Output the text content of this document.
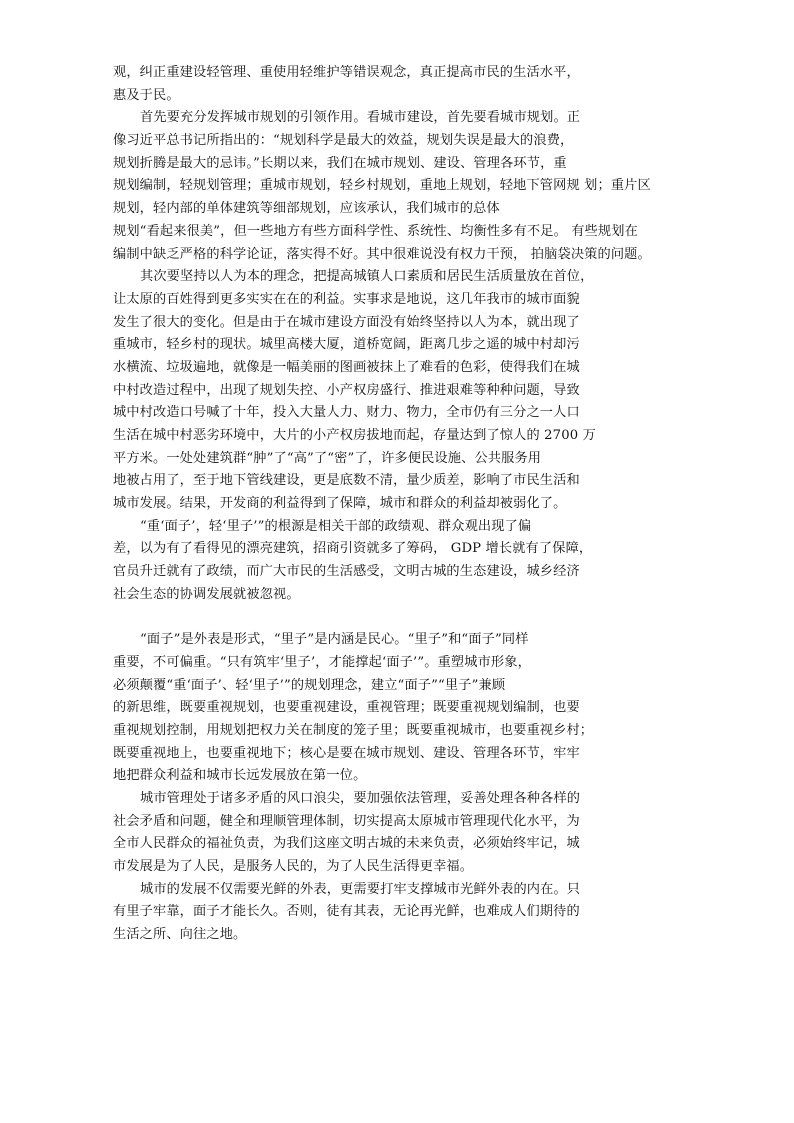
观，纠正重建设轻管理、重使用轻维护等错误观念，真正提高市民的生活水平，
惠及于民。
首先要充分发挥城市规划的引领作用。看城市建设，首先要看城市规划。正
像习近平总书记所指出的：“规划科学是最大的效益，规划失误是最大的浪费，
规划折腾是最大的忌讳。”长期以来，我们在城市规划、建设、管理各环节，重
规划编制，轻规划管理；重城市规划，轻乡村规划，重地上规划，轻地下管网规 划；重片区
规划，轻内部的单体建筑等细部规划，应该承认，我们城市的总体
规划“看起来很美”，但一些地方有些方面科学性、系统性、均衡性多有不足。 有些规划在
编制中缺乏严格的科学论证，落实得不好。其中很难说没有权力干预， 拍脑袋决策的问题。
其次要坚持以人为本的理念，把提高城镇人口素质和居民生活质量放在首位，
让太原的百姓得到更多实实在在的利益。实事求是地说，这几年我市的城市面貌
发生了很大的变化。但是由于在城市建设方面没有始终坚持以人为本，就出现了
重城市，轻乡村的现状。城里高楼大厦，道桥宽阔，距离几步之遥的城中村却污
水横流、垃圾遍地，就像是一幅美丽的图画被抹上了难看的色彩，使得我们在城
中村改造过程中，出现了规划失控、小产权房盛行、推进艰难等种种问题，导致
城中村改造口号喊了十年，投入大量人力、财力、物力，全市仍有三分之一人口
生活在城中村恶劣环境中，大片的小产权房拔地而起，存量达到了惊人的 2700 万
平方米。一处处建筑群“肿”了“高”了“密”了，许多便民设施、公共服务用
地被占用了，至于地下管线建设，更是底数不清，量少质差，影响了市民生活和
城市发展。结果，开发商的利益得到了保障，城市和群众的利益却被弱化了。
“重‘面子’，轻‘里子’”的根源是相关干部的政绩观、群众观出现了偏
差，以为有了看得见的漂亮建筑，招商引资就多了筹码， GDP 增长就有了保障，
官员升迁就有了政绩，而广大市民的生活感受，文明古城的生态建设，城乡经济
社会生态的协调发展就被忽视。
“面子”是外表是形式，“里子”是内涵是民心。“里子”和“面子”同样
重要，不可偏重。“只有筑牢‘里子’，才能撑起‘面子’”。重塑城市形象，
必须颠覆“重‘面子’、轻‘里子’”的规划理念，建立“面子”“里子”兼顾
的新思维，既要重视规划，也要重视建设，重视管理；既要重视规划编制，也要
重视规划控制，用规划把权力关在制度的笼子里；既要重视城市，也要重视乡村；
既要重视地上，也要重视地下；核心是要在城市规划、建设、管理各环节，牢牢
地把群众利益和城市长远发展放在第一位。
城市管理处于诸多矛盾的风口浪尖，要加强依法管理，妥善处理各种各样的
社会矛盾和问题，健全和理顺管理体制，切实提高太原城市管理现代化水平，为
全市人民群众的福祉负责，为我们这座文明古城的未来负责，必须始终牢记，城
市发展是为了人民，是服务人民的，为了人民生活得更幸福。
城市的发展不仅需要光鲜的外表，更需要打牢支撑城市光鲜外表的内在。只
有里子牢靠，面子才能长久。否则，徒有其表，无论再光鲜，也难成人们期待的
生活之所、向往之地。
